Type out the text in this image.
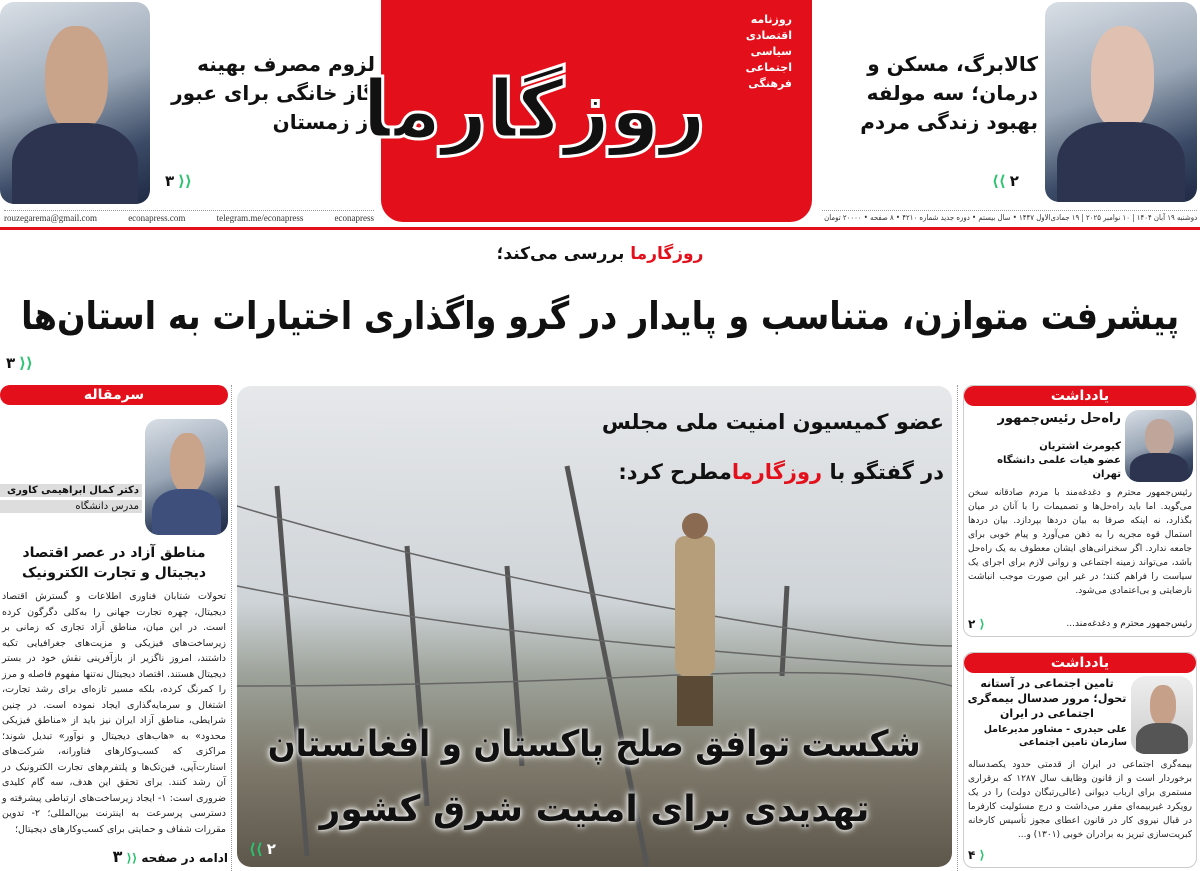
لزوم مصرف بهینه گاز خانگی برای عبور از زمستان
۳ ⟩⟩
روزگارما
روزنامه
اقتصادی
سیاسی
اجتماعی
فرهنگی
کالابرگ، مسکن و درمان؛ سه مولفه بهبود زندگی مردم
⟨⟨ ۲
rouzegarema@gmail.com	econapress.com	telegram.me/econapress	econapress	دوشنبه ۱۹ آبان ۱۴۰۴ | ۱۰ نوامبر ۲۰۲۵ | ۱۹ جمادی‌الاول ۱۴۴۷ • سال بیستم • دوره جدید شماره ۴۲۱۰ • ۸ صفحه • ۲۰۰۰۰ تومان
روزگارما بررسی می‌کند؛
پیشرفت متوازن، متناسب و پایدار در گرو واگذاری اختیارات به استان‌ها
۳ ⟩⟩
سرمقاله
دکتر کمال ابراهیمی کاوری
مدرس دانشگاه
مناطق آزاد در عصر اقتصاد دیجیتال و تجارت الکترونیک
تحولات شتابان فناوری اطلاعات و گسترش اقتصاد دیجیتال، چهره تجارت جهانی را به‌کلی دگرگون کرده است. در این میان، مناطق آزاد تجاری که زمانی بر زیرساخت‌های فیزیکی و مزیت‌های جغرافیایی تکیه داشتند، امروز ناگزیر از بازآفرینی نقش خود در بستر دیجیتال هستند. اقتصاد دیجیتال نه‌تنها مفهوم فاصله و مرز را کمرنگ کرده، بلکه مسیر تازه‌ای برای رشد تجارت، اشتغال و سرمایه‌گذاری ایجاد نموده است. در چنین شرایطی، مناطق آزاد ایران نیز باید از «مناطق فیزیکی محدود» به «هاب‌های دیجیتال و نوآور» تبدیل شوند؛ مراکزی که کسب‌وکارهای فناورانه، شرکت‌های استارت‌آپی، فین‌تک‌ها و پلتفرم‌های تجارت الکترونیک در آن رشد کنند. برای تحقق این هدف، سه گام کلیدی ضروری است: ۱- ایجاد زیرساخت‌های ارتباطی پیشرفته و دسترسی پرسرعت به اینترنت بین‌المللی؛ ۲- تدوین مقررات شفاف و حمایتی برای کسب‌وکارهای دیجیتال؛
ادامه در صفحه⟨⟨۳
عضو کمیسیون امنیت ملی مجلس
در گفتگو با روزگارمامطرح کرد:
شکست توافق صلح پاکستان و افغانستان
تهدیدی برای امنیت شرق کشور
⟨⟨ ۲
یادداشت
راه‌حل رئیس‌جمهور
کیومرث اشتریان
عضو هیات علمی دانشگاه تهران
رئیس‌جمهور محترم و دغدغه‌مند با مردم صادقانه سخن می‌گوید. اما باید راه‌حل‌ها و تصمیمات را با آنان در میان بگذارد، نه اینکه صرفا به بیان دردها بپردازد. بیان دردها استمال قوه مجریه را به ذهن می‌آورد و پیام خوبی برای جامعه ندارد. اگر سخنرانی‌های ایشان معطوف به یک راه‌حل باشد، می‌تواند زمینه اجتماعی و روانی لازم برای اجرای یک سیاست را فراهم کنند؛ در غیر این صورت موجب انباشت نارضایتی و بی‌اعتمادی می‌شود.
رئیس‌جمهور محترم و دغدغه‌مند...
⟨۲
یادداشت
تامین اجتماعی در آستانه تحول؛ مرور صدسال بیمه‌گری اجتماعی در ایران
علی حیدری - مشاور مدیرعامل
سازمان تامین اجتماعی
بیمه‌گری اجتماعی در ایران از قدمتی حدود یکصدساله برخوردار است و از قانون وظایف سال ۱۲۸۷ که برقراری مستمری برای ارباب دیوانی (عالی‌رتبگان دولت) را در یک رویکرد غیربیمه‌ای مقرر می‌داشت و درج مسئولیت کارفرما در قبال نیروی کار در قانون اعطای مجوز تأسیس کارخانه کبریت‌سازی تبریز به برادران خوبی (۱۳۰۱) و...
۴ ⟩
